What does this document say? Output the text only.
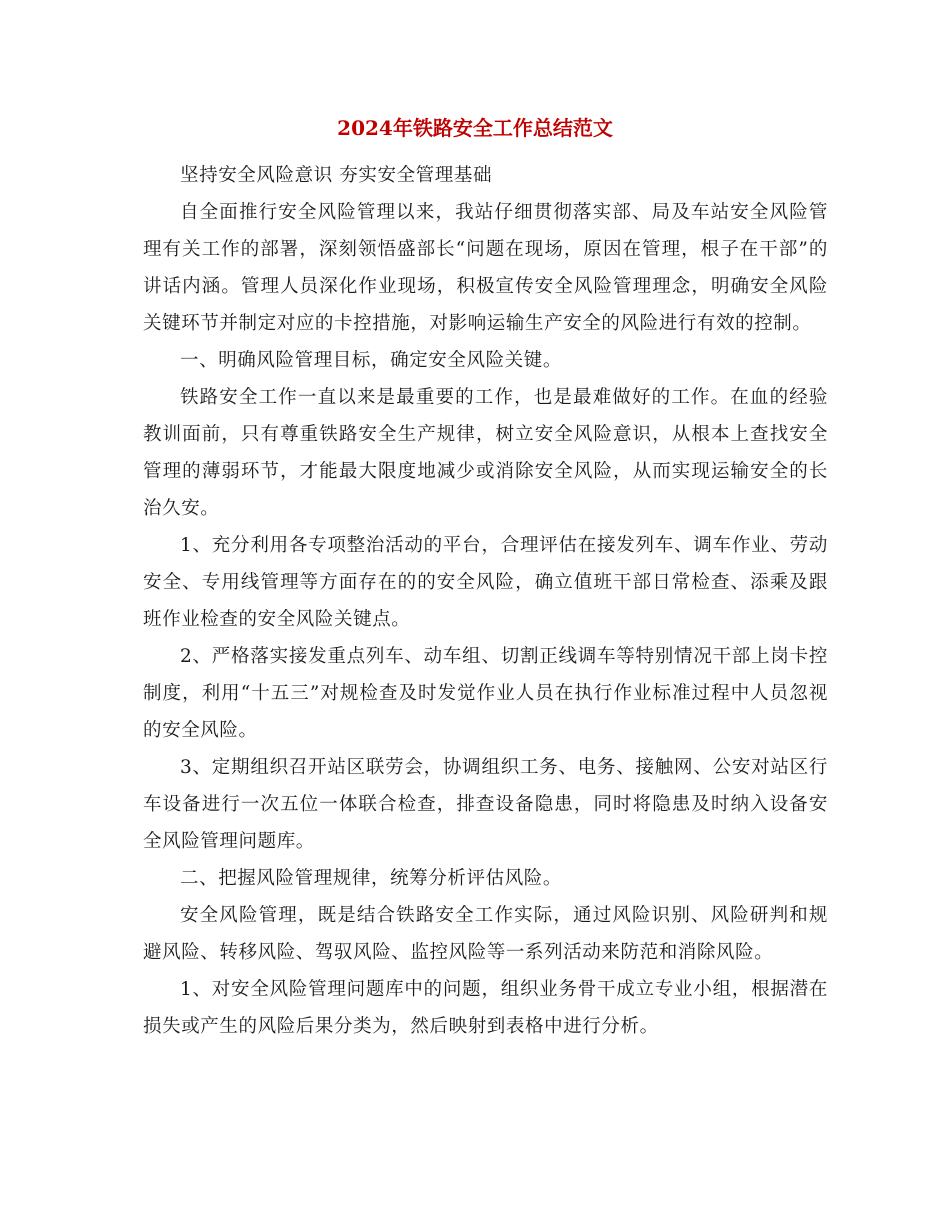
2024年铁路安全工作总结范文

坚持安全风险意识 夯实安全管理基础

自全面推行安全风险管理以来，我站仔细贯彻落实部、局及车站安全风险管理有关工作的部署，深刻领悟盛部长“问题在现场，原因在管理，根子在干部”的讲话内涵。管理人员深化作业现场，积极宣传安全风险管理理念，明确安全风险关键环节并制定对应的卡控措施，对影响运输生产安全的风险进行有效的控制。

一、明确风险管理目标，确定安全风险关键。

铁路安全工作一直以来是最重要的工作，也是最难做好的工作。在血的经验教训面前，只有尊重铁路安全生产规律，树立安全风险意识，从根本上查找安全管理的薄弱环节，才能最大限度地减少或消除安全风险，从而实现运输安全的长治久安。

1、充分利用各专项整治活动的平台，合理评估在接发列车、调车作业、劳动安全、专用线管理等方面存在的的安全风险，确立值班干部日常检查、添乘及跟班作业检查的安全风险关键点。

2、严格落实接发重点列车、动车组、切割正线调车等特别情况干部上岗卡控制度，利用“十五三”对规检查及时发觉作业人员在执行作业标准过程中人员忽视的安全风险。

3、定期组织召开站区联劳会，协调组织工务、电务、接触网、公安对站区行车设备进行一次五位一体联合检查，排查设备隐患，同时将隐患及时纳入设备安全风险管理问题库。

二、把握风险管理规律，统筹分析评估风险。

安全风险管理，既是结合铁路安全工作实际，通过风险识别、风险研判和规避风险、转移风险、驾驭风险、监控风险等一系列活动来防范和消除风险。

1、对安全风险管理问题库中的问题，组织业务骨干成立专业小组，根据潜在损失或产生的风险后果分类为，然后映射到表格中进行分析。
